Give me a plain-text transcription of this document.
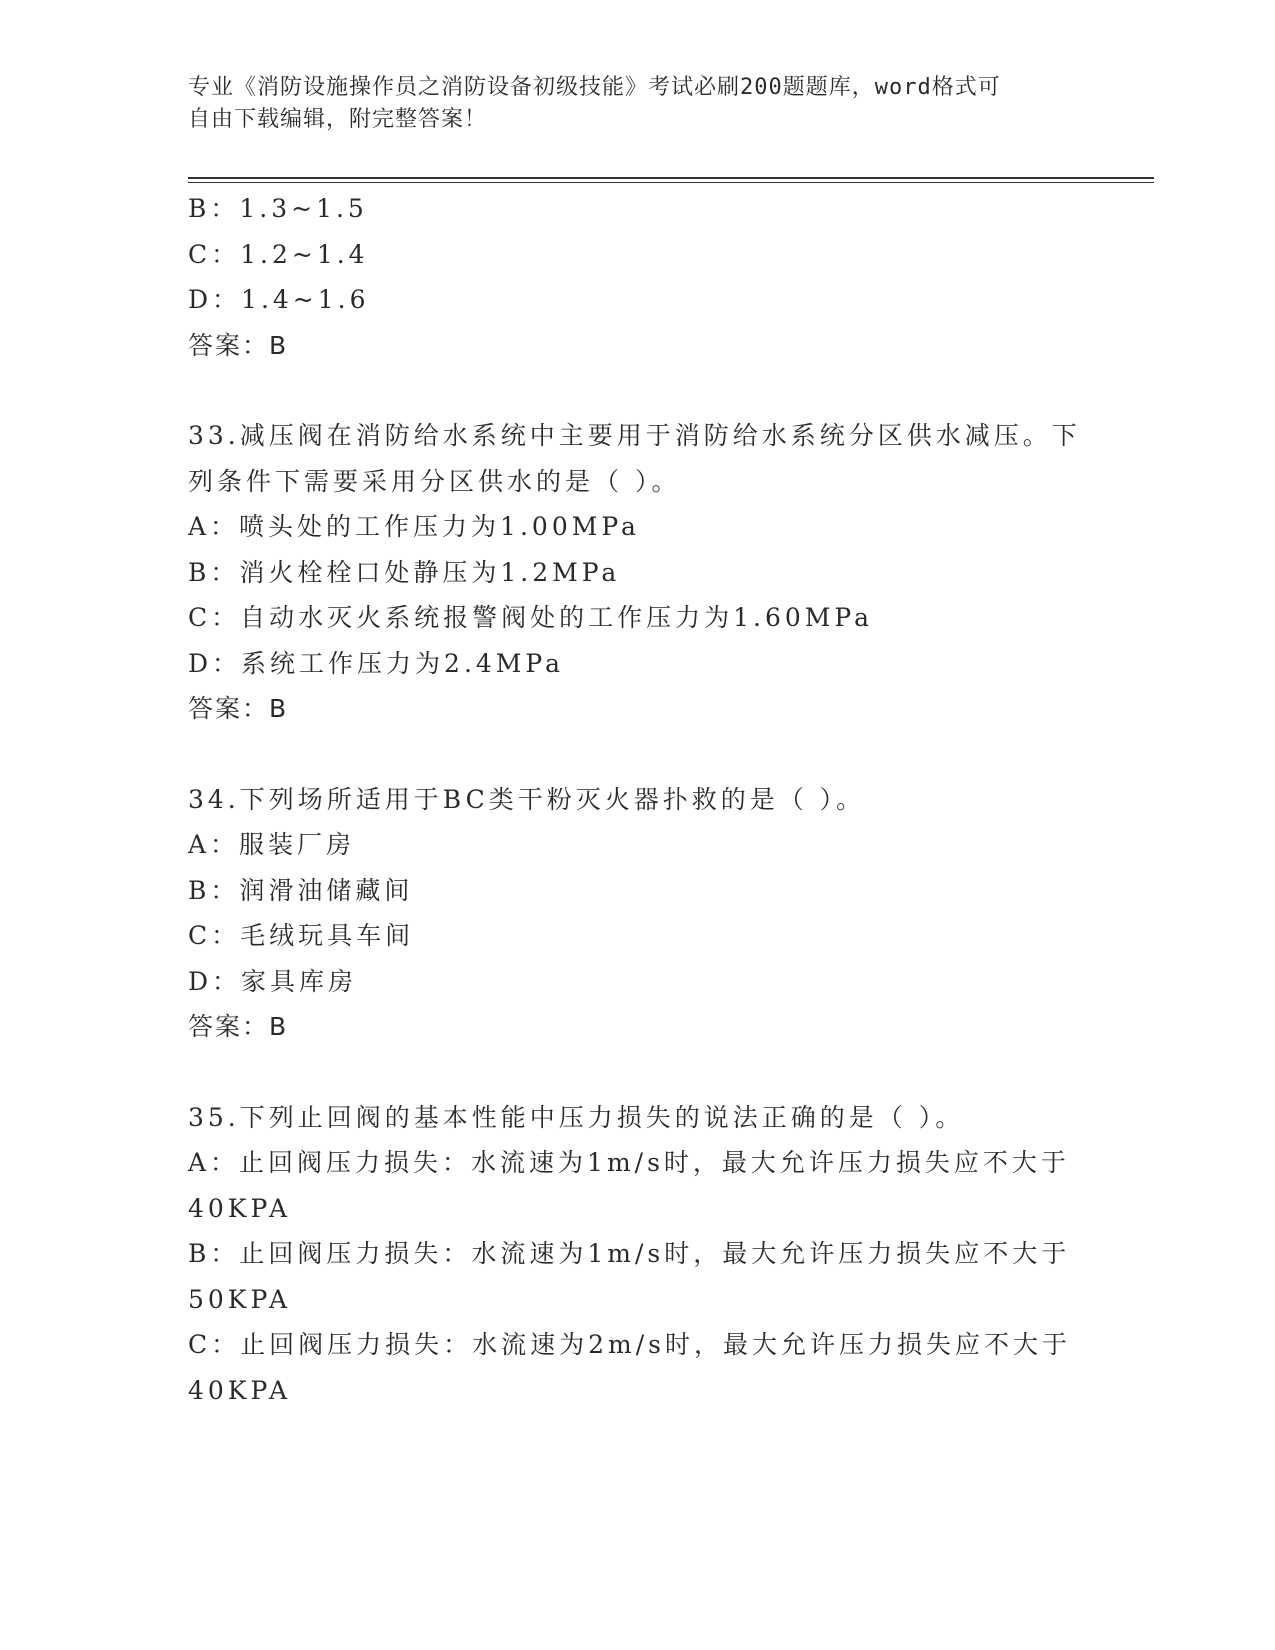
专业《消防设施操作员之消防设备初级技能》考试必刷200题题库，word格式可
自由下载编辑，附完整答案！
B：1.3~1.5
C：1.2~1.4
D：1.4~1.6
答案：B
33.减压阀在消防给水系统中主要用于消防给水系统分区供水减压。下
列条件下需要采用分区供水的是（ ）。
A：喷头处的工作压力为1.00MPa
B：消火栓栓口处静压为1.2MPa
C：自动水灭火系统报警阀处的工作压力为1.60MPa
D：系统工作压力为2.4MPa
答案：B
34.下列场所适用于BC类干粉灭火器扑救的是（ ）。
A：服装厂房
B：润滑油储藏间
C：毛绒玩具车间
D：家具库房
答案：B
35.下列止回阀的基本性能中压力损失的说法正确的是（ ）。
A：止回阀压力损失：水流速为1m/s时，最大允许压力损失应不大于
40KPA
B：止回阀压力损失：水流速为1m/s时，最大允许压力损失应不大于
50KPA
C：止回阀压力损失：水流速为2m/s时，最大允许压力损失应不大于
40KPA
